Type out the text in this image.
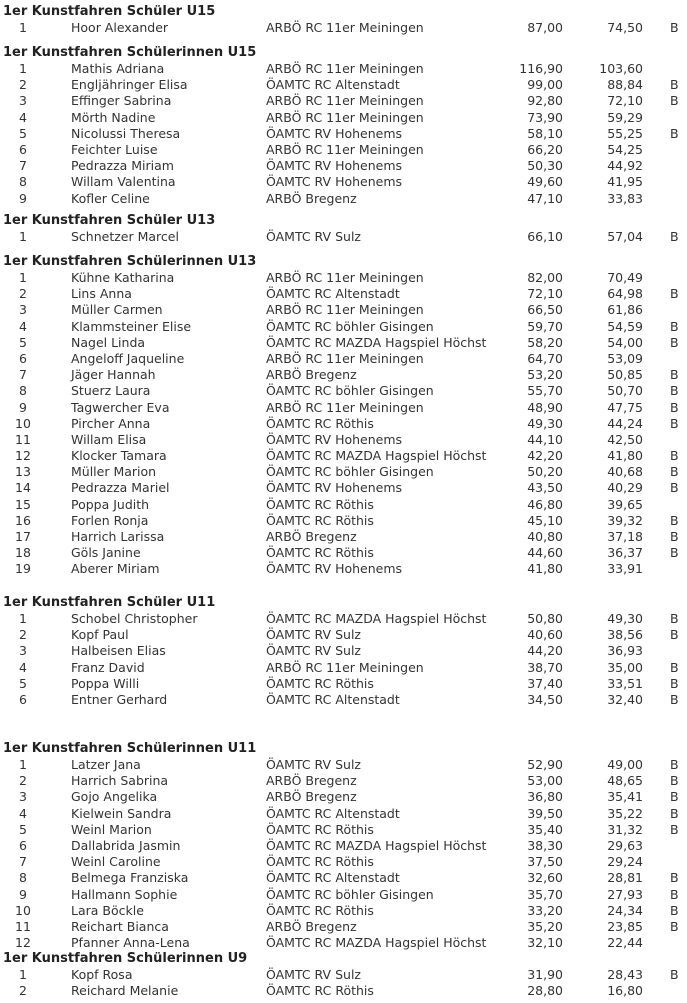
1er Kunstfahren Schüler U15
1	Hoor Alexander	ARBÖ RC 11er Meiningen	87,00	74,50 B
1er Kunstfahren Schülerinnen U15
1	Mathis Adriana	ARBÖ RC 11er Meiningen	116,90	103,60
2	Engljähringer Elisa	ÖAMTC RC Altenstadt	99,00	88,84 B
3	Effinger Sabrina	ARBÖ RC 11er Meiningen	92,80	72,10 B
4	Mörth Nadine	ARBÖ RC 11er Meiningen	73,90	59,29
5	Nicolussi Theresa	ÖAMTC RV Hohenems	58,10	55,25 B
6	Feichter Luise	ARBÖ RC 11er Meiningen	66,20	54,25
7	Pedrazza Miriam	ÖAMTC RV Hohenems	50,30	44,92
8	Willam Valentina	ÖAMTC RV Hohenems	49,60	41,95
9	Kofler Celine	ARBÖ Bregenz	47,10	33,83
1er Kunstfahren Schüler U13
1	Schnetzer Marcel	ÖAMTC RV Sulz	66,10	57,04 B
1er Kunstfahren Schülerinnen U13
1	Kühne Katharina	ARBÖ RC 11er Meiningen	82,00	70,49
2	Lins Anna	ÖAMTC RC Altenstadt	72,10	64,98 B
3	Müller Carmen	ARBÖ RC 11er Meiningen	66,50	61,86
4	Klammsteiner Elise	ÖAMTC RC böhler Gisingen	59,70	54,59 B
5	Nagel Linda	ÖAMTC RC MAZDA Hagspiel Höchst	58,20	54,00 B
6	Angeloff Jaqueline	ARBÖ RC 11er Meiningen	64,70	53,09
7	Jäger Hannah	ARBÖ Bregenz	53,20	50,85 B
8	Stuerz Laura	ÖAMTC RC böhler Gisingen	55,70	50,70 B
9	Tagwercher Eva	ARBÖ RC 11er Meiningen	48,90	47,75 B
10	Pircher Anna	ÖAMTC RC Röthis	49,30	44,24 B
11	Willam Elisa	ÖAMTC RV Hohenems	44,10	42,50
12	Klocker Tamara	ÖAMTC RC MAZDA Hagspiel Höchst	42,20	41,80 B
13	Müller Marion	ÖAMTC RC böhler Gisingen	50,20	40,68 B
14	Pedrazza Mariel	ÖAMTC RV Hohenems	43,50	40,29 B
15	Poppa Judith	ÖAMTC RC Röthis	46,80	39,65
16	Forlen Ronja	ÖAMTC RC Röthis	45,10	39,32 B
17	Harrich Larissa	ARBÖ Bregenz	40,80	37,18 B
18	Göls Janine	ÖAMTC RC Röthis	44,60	36,37 B
19	Aberer Miriam	ÖAMTC RV Hohenems	41,80	33,91
1er Kunstfahren Schüler U11
1	Schobel Christopher	ÖAMTC RC MAZDA Hagspiel Höchst	50,80	49,30 B
2	Kopf Paul	ÖAMTC RV Sulz	40,60	38,56 B
3	Halbeisen Elias	ÖAMTC RV Sulz	44,20	36,93
4	Franz David	ARBÖ RC 11er Meiningen	38,70	35,00 B
5	Poppa Willi	ÖAMTC RC Röthis	37,40	33,51 B
6	Entner Gerhard	ÖAMTC RC Altenstadt	34,50	32,40 B
1er Kunstfahren Schülerinnen U11
1	Latzer Jana	ÖAMTC RV Sulz	52,90	49,00 B
2	Harrich Sabrina	ARBÖ Bregenz	53,00	48,65 B
3	Gojo Angelika	ARBÖ Bregenz	36,80	35,41 B
4	Kielwein Sandra	ÖAMTC RC Altenstadt	39,50	35,22 B
5	Weinl Marion	ÖAMTC RC Röthis	35,40	31,32 B
6	Dallabrida Jasmin	ÖAMTC RC MAZDA Hagspiel Höchst	38,30	29,63
7	Weinl Caroline	ÖAMTC RC Röthis	37,50	29,24
8	Belmega Franziska	ÖAMTC RC Altenstadt	32,60	28,81 B
9	Hallmann Sophie	ÖAMTC RC böhler Gisingen	35,70	27,93 B
10	Lara Böckle	ÖAMTC RC Röthis	33,20	24,34 B
11	Reichart Bianca	ARBÖ Bregenz	35,20	23,85 B
12	Pfanner Anna-Lena	ÖAMTC RC MAZDA Hagspiel Höchst	32,10	22,44
1er Kunstfahren Schülerinnen U9
1	Kopf Rosa	ÖAMTC RV Sulz	31,90	28,43 B
2	Reichard Melanie	ÖAMTC RC Röthis	28,80	16,80
